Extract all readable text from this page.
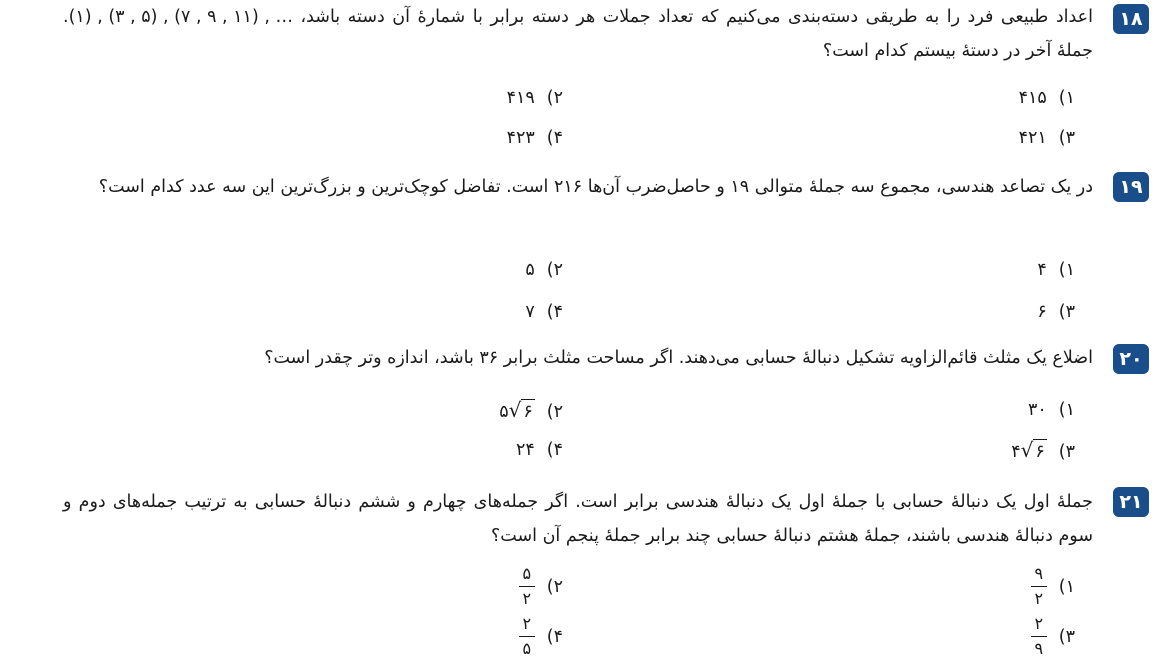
۱۸
اعداد طبیعی فرد را به طریقی دسته‌بندی می‌کنیم که تعداد جملات هر دسته برابر با شمارهٔ آن دسته باشد، (۱) , (۳ , ۵) , (۷ , ۹ , ۱۱) , …. جملهٔ آخر در دستهٔ بیستم کدام است؟
۱)۴۱۵
۲)۴۱۹
۳)۴۲۱
۴)۴۲۳
۱۹
در یک تصاعد هندسی، مجموع سه جملهٔ متوالی ۱۹ و حاصل‌ضرب آن‌ها ۲۱۶ است. تفاضل کوچک‌ترین و بزرگ‌ترین این سه عدد کدام است؟
۱)۴
۲)۵
۳)۶
۴)۷
۲۰
اضلاع یک مثلث قائم‌الزاویه تشکیل دنبالهٔ حسابی می‌دهند. اگر مساحت مثلث برابر ۳۶ باشد، اندازه وتر چقدر است؟
۱)۳۰
۲)۵ √ ۶
۳)۴ √ ۶
۴)۲۴
۲۱
جملهٔ اول یک دنبالهٔ حسابی با جملهٔ اول یک دنبالهٔ هندسی برابر است. اگر جمله‌های چهارم و ششم دنبالهٔ حسابی به ترتیب جمله‌های دوم و سوم دنبالهٔ هندسی باشند، جملهٔ هشتم دنبالهٔ حسابی چند برابر جملهٔ پنجم آن است؟
۱)
$\frac{۹}{۲}$
۲)
$\frac{۵}{۲}$
۳)
$\frac{۲}{۹}$
۴)
$\frac{۲}{۵}$
